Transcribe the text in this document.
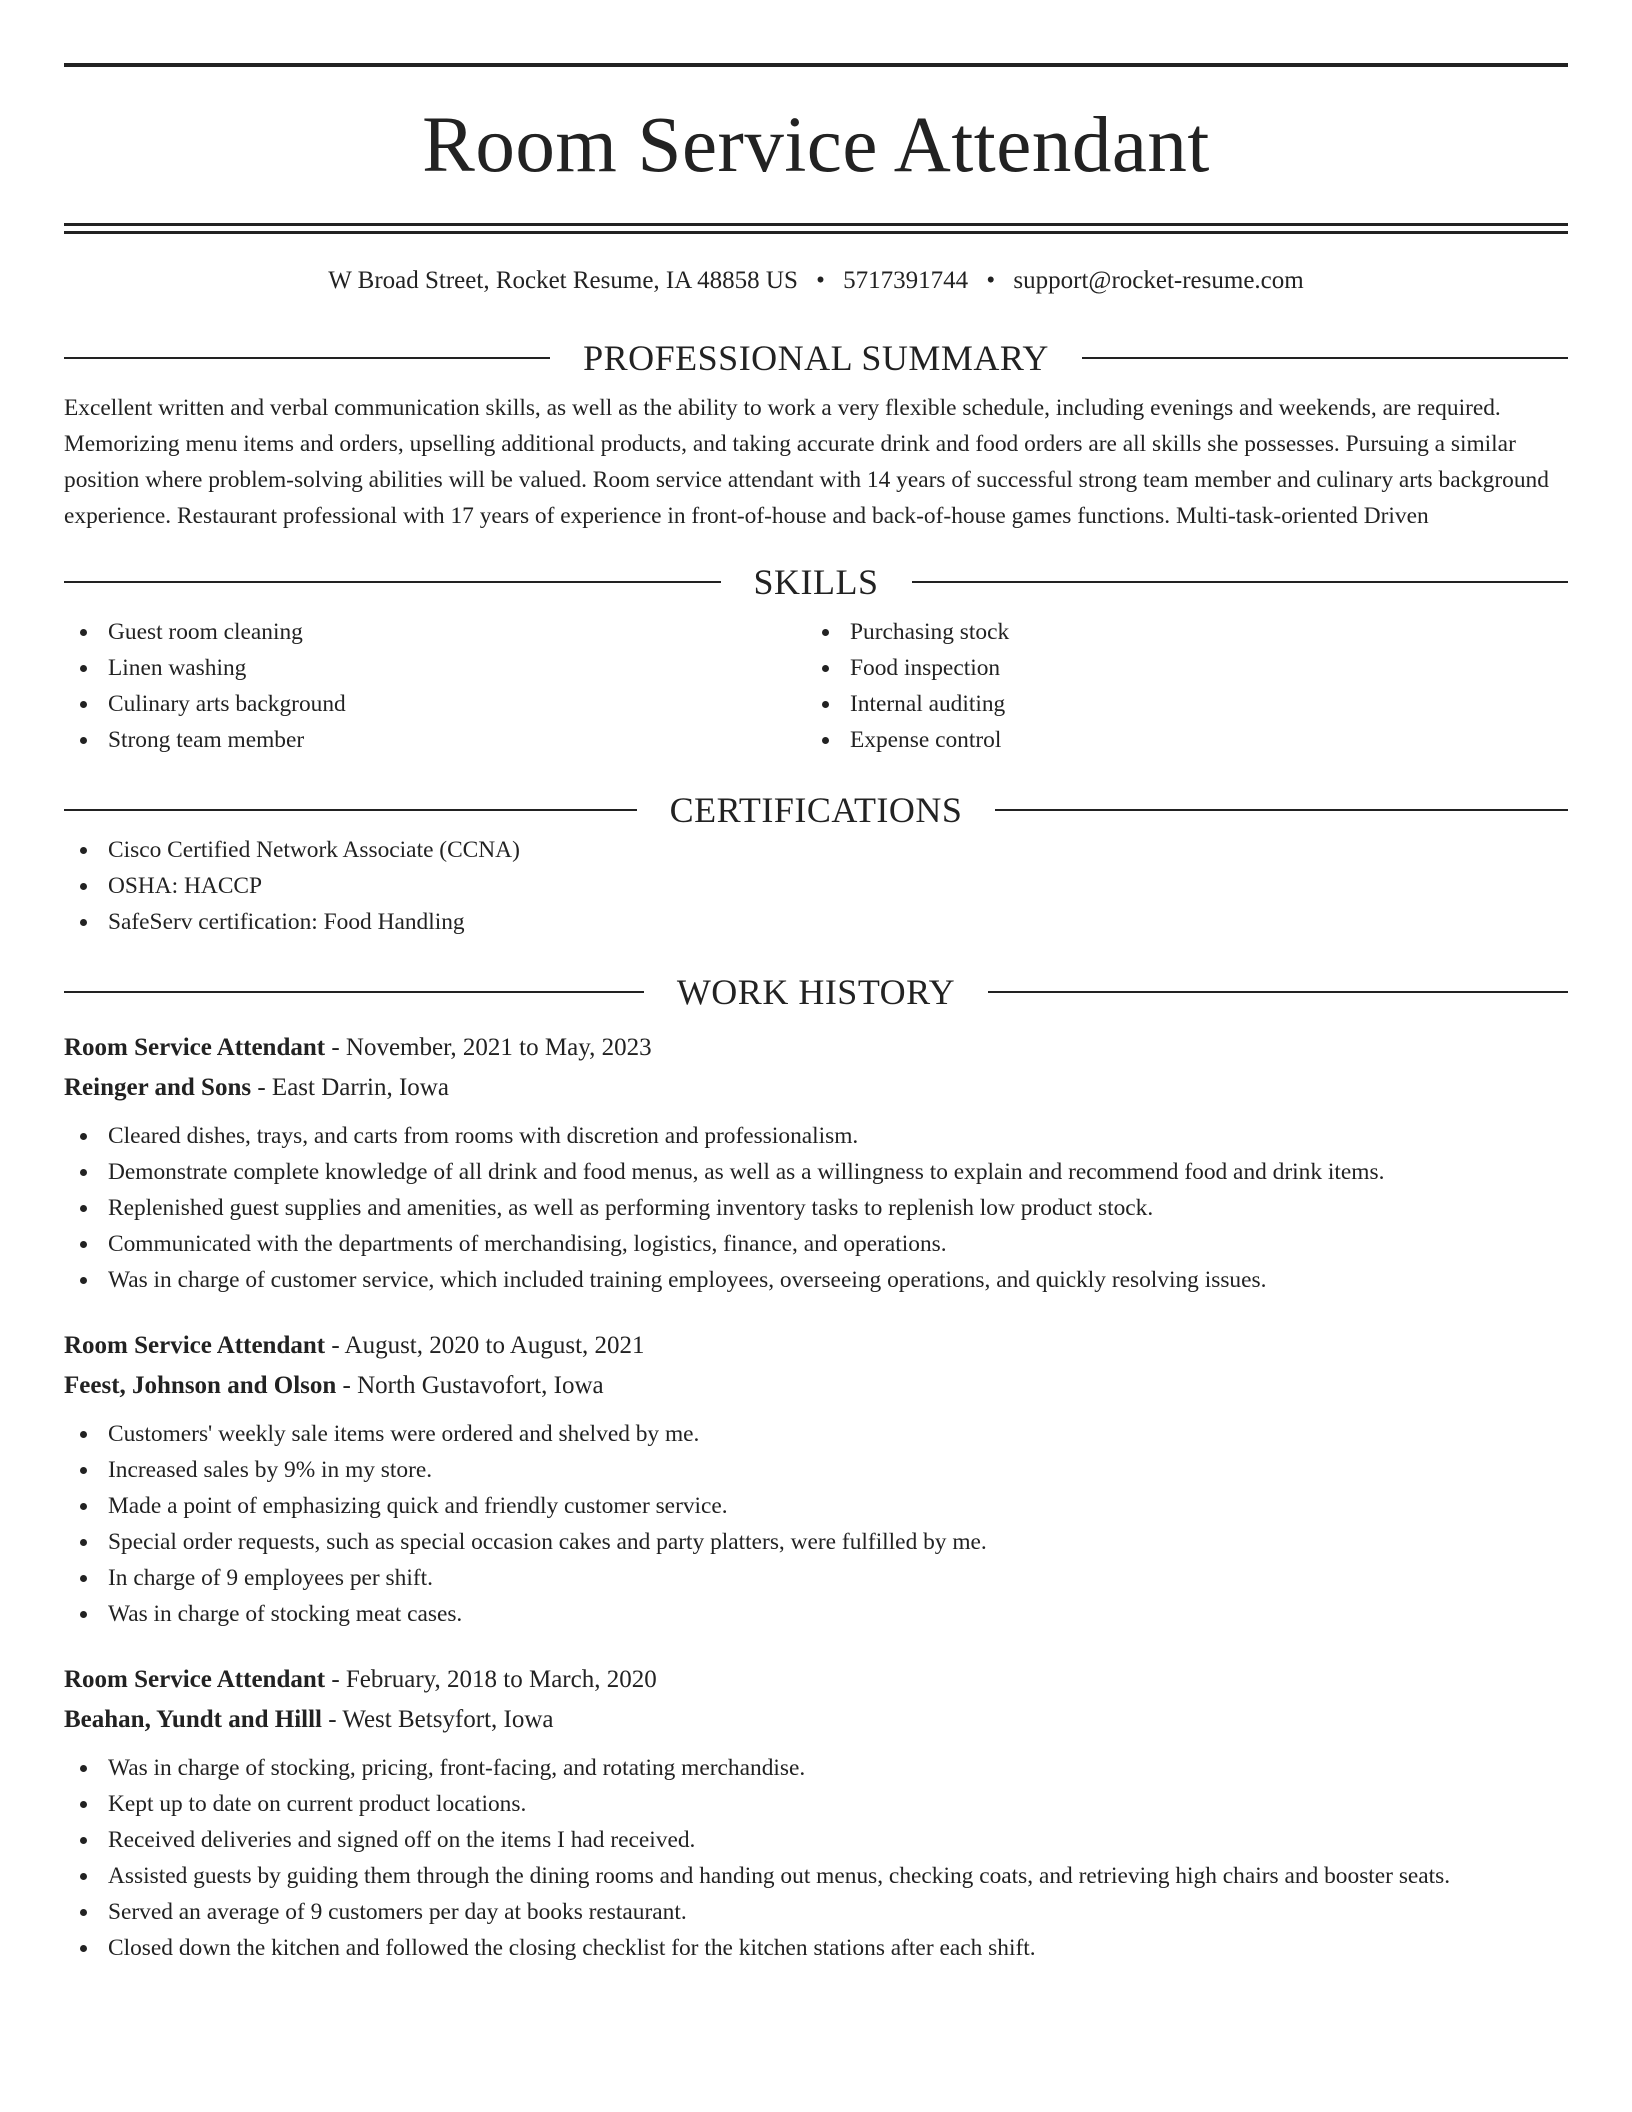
Room Service Attendant
W Broad Street, Rocket Resume, IA 48858 US • 5717391744 • support@rocket-resume.com
PROFESSIONAL SUMMARY

Excellent written and verbal communication skills, as well as the ability to work a very flexible schedule, including evenings and weekends, are required. Memorizing menu items and orders, upselling additional products, and taking accurate drink and food orders are all skills she possesses. Pursuing a similar position where problem-solving abilities will be valued. Room service attendant with 14 years of successful strong team member and culinary arts background experience. Restaurant professional with 17 years of experience in front-of-house and back-of-house games functions. Multi-task-oriented Driven

SKILLS
Guest room cleaning
Linen washing
Culinary arts background
Strong team member
Purchasing stock
Food inspection
Internal auditing
Expense control
CERTIFICATIONS
Cisco Certified Network Associate (CCNA)
OSHA: HACCP
SafeServ certification: Food Handling
WORK HISTORY
Room Service Attendant - November, 2021 to May, 2023
Reinger and Sons - East Darrin, Iowa
Cleared dishes, trays, and carts from rooms with discretion and professionalism.
Demonstrate complete knowledge of all drink and food menus, as well as a willingness to explain and recommend food and drink items.
Replenished guest supplies and amenities, as well as performing inventory tasks to replenish low product stock.
Communicated with the departments of merchandising, logistics, finance, and operations.
Was in charge of customer service, which included training employees, overseeing operations, and quickly resolving issues.
Room Service Attendant - August, 2020 to August, 2021
Feest, Johnson and Olson - North Gustavofort, Iowa
Customers' weekly sale items were ordered and shelved by me.
Increased sales by 9% in my store.
Made a point of emphasizing quick and friendly customer service.
Special order requests, such as special occasion cakes and party platters, were fulfilled by me.
In charge of 9 employees per shift.
Was in charge of stocking meat cases.
Room Service Attendant - February, 2018 to March, 2020
Beahan, Yundt and Hilll - West Betsyfort, Iowa
Was in charge of stocking, pricing, front-facing, and rotating merchandise.
Kept up to date on current product locations.
Received deliveries and signed off on the items I had received.
Assisted guests by guiding them through the dining rooms and handing out menus, checking coats, and retrieving high chairs and booster seats.
Served an average of 9 customers per day at books restaurant.
Closed down the kitchen and followed the closing checklist for the kitchen stations after each shift.
